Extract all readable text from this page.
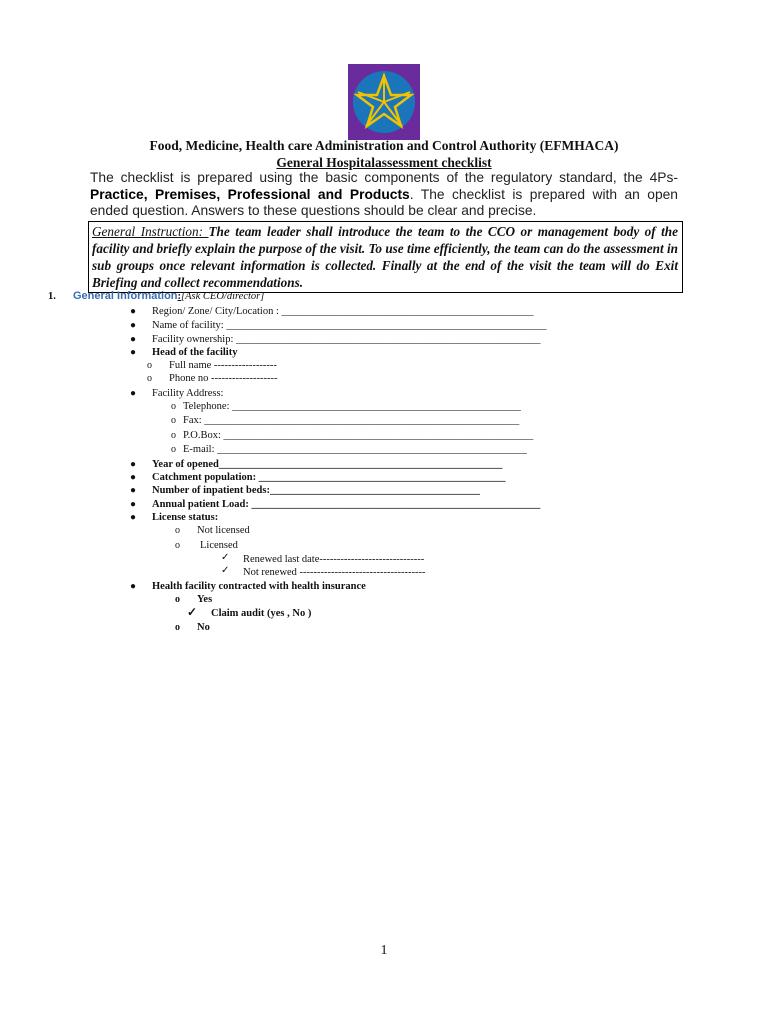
Food, Medicine, Health care Administration and Control Authority (EFMHACA)
General Hospitalassessment checklist
The checklist is prepared using the basic components of the regulatory standard, the 4Ps- Practice, Premises, Professional and Products. The checklist is prepared with an open ended question. Answers to these questions should be clear and precise.
General Instruction: The team leader shall introduce the team to the CCO or management body of the facility and briefly explain the purpose of the visit. To use time efficiently, the team can do the assessment in sub groups once relevant information is collected. Finally at the end of the visit the team will do Exit Briefing and collect recommendations.
1. General Information:[Ask CEO/director]
● Region/ Zone/ City/Location : ________________________________________________
● Name of facility: _____________________________________________________________
● Facility ownership: __________________________________________________________
● Head of the facility
o Full name ------------------
o Phone no -------------------
● Facility Address:
o Telephone: _______________________________________________________
o Fax: ____________________________________________________________
o P.O.Box: ___________________________________________________________
o E-mail: ___________________________________________________________
● Year of opened______________________________________________________
● Catchment population: _______________________________________________
● Number of inpatient beds:________________________________________
● Annual patient Load: _______________________________________________________
● License status:
o Not licensed
o Licensed
✓ Renewed last date------------------------------
✓ Not renewed ------------------------------------
● Health facility contracted with health insurance
o Yes
✓ Claim audit (yes , No )
o No
1
